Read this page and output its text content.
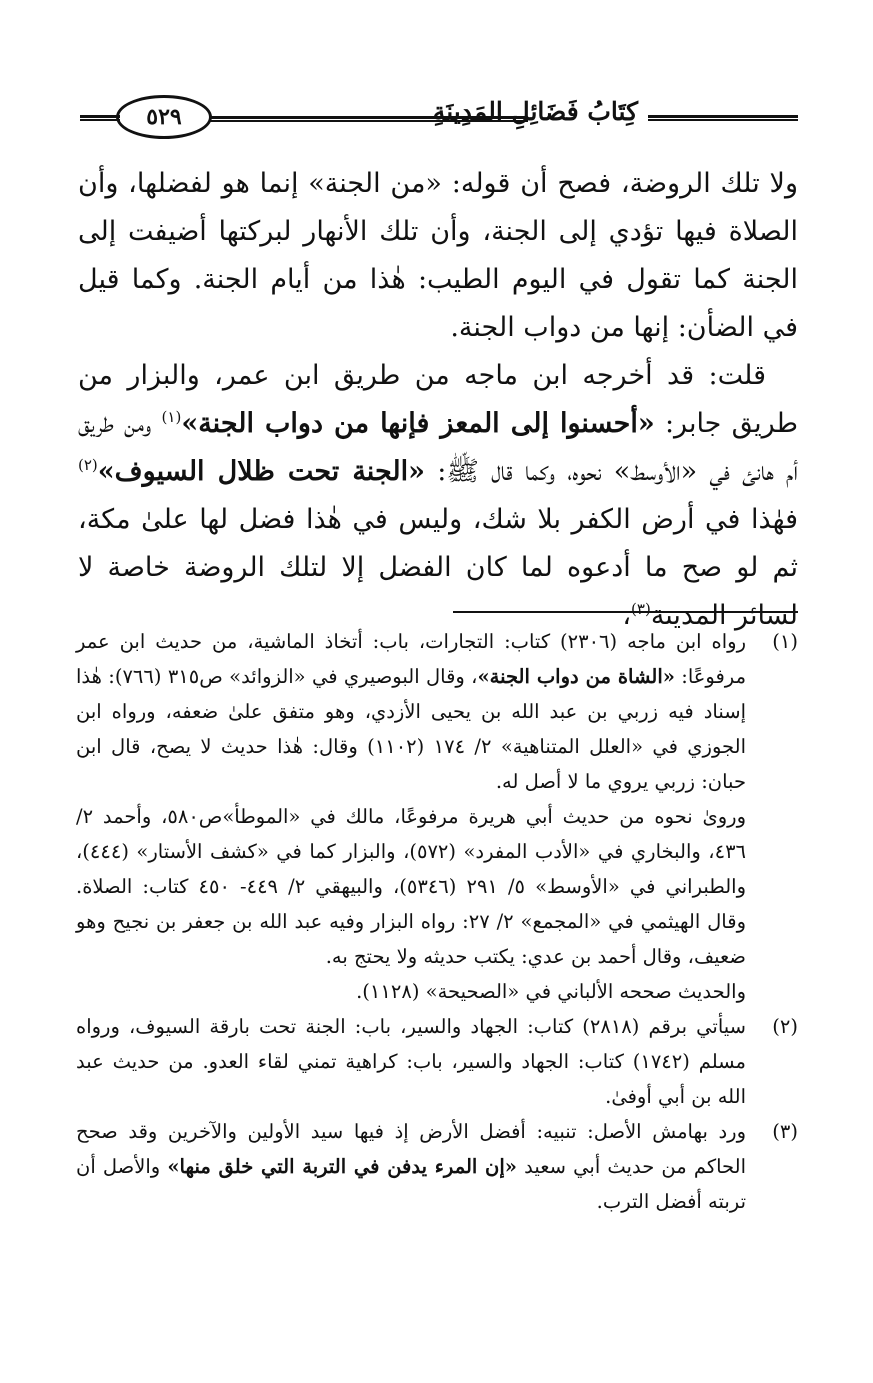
كِتَابُ فَضَائِلِ المَدِينَةِ
٥٢٩

ولا تلك الروضة، فصح أن قوله: «من الجنة» إنما هو لفضلها، وأن الصلاة فيها تؤدي إلى الجنة، وأن تلك الأنهار لبركتها أضيفت إلى الجنة كما تقول في اليوم الطيب: هٰذا من أيام الجنة. وكما قيل في الضأن: إنها من دواب الجنة.

قلت: قد أخرجه ابن ماجه من طريق ابن عمر، والبزار من طريق جابر: «أحسنوا إلى المعز فإنها من دواب الجنة»$^{(١)}$ ومن طريق أم هانئ في «الأوسط» نحوه، وكما قال ﷺ: «الجنة تحت ظلال السيوف»$^{(٢)}$ فهٰذا في أرض الكفر بلا شك، وليس في هٰذا فضل لها علىٰ مكة، ثم لو صح ما أدعوه لما كان الفضل إلا لتلك الروضة خاصة لا لسائر المدينة$^{(٣)}$،

(١)

رواه ابن ماجه (٢٣٠٦) كتاب: التجارات، باب: أتخاذ الماشية، من حديث ابن عمر مرفوعًا: «الشاة من دواب الجنة»، وقال البوصيري في «الزوائد» ص٣١٥ (٧٦٦): هٰذا إسناد فيه زربي بن عبد الله بن يحيى الأزدي، وهو متفق علىٰ ضعفه، ورواه ابن الجوزي في «العلل المتناهية» ٢/ ١٧٤ (١١٠٢) وقال: هٰذا حديث لا يصح، قال ابن حبان: زربي يروي ما لا أصل له.

ورویٰ نحوه من حديث أبي هريرة مرفوعًا، مالك في «الموطأ»ص٥٨٠، وأحمد ٢/ ٤٣٦، والبخاري في «الأدب المفرد» (٥٧٢)، والبزار كما في «كشف الأستار» (٤٤٤)، والطبراني في «الأوسط» ٥/ ٢٩١ (٥٣٤٦)، والبيهقي ٢/ ٤٤٩- ٤٥٠ كتاب: الصلاة. وقال الهيثمي في «المجمع» ٢/ ٢٧: رواه البزار وفيه عبد الله بن جعفر بن نجيح وهو ضعيف، وقال أحمد بن عدي: يكتب حديثه ولا يحتج به.

والحديث صححه الألباني في «الصحيحة» (١١٢٨).

(٢)

سيأتي برقم (٢٨١٨) كتاب: الجهاد والسير، باب: الجنة تحت بارقة السيوف، ورواه مسلم (١٧٤٢) كتاب: الجهاد والسير، باب: كراهية تمني لقاء العدو. من حديث عبد الله بن أبي أوفىٰ.

(٣)

ورد بهامش الأصل: تنبيه: أفضل الأرض إذ فيها سيد الأولين والآخرين وقد صحح الحاكم من حديث أبي سعيد «إن المرء يدفن في التربة التي خلق منها» والأصل أن تربته أفضل الترب.
